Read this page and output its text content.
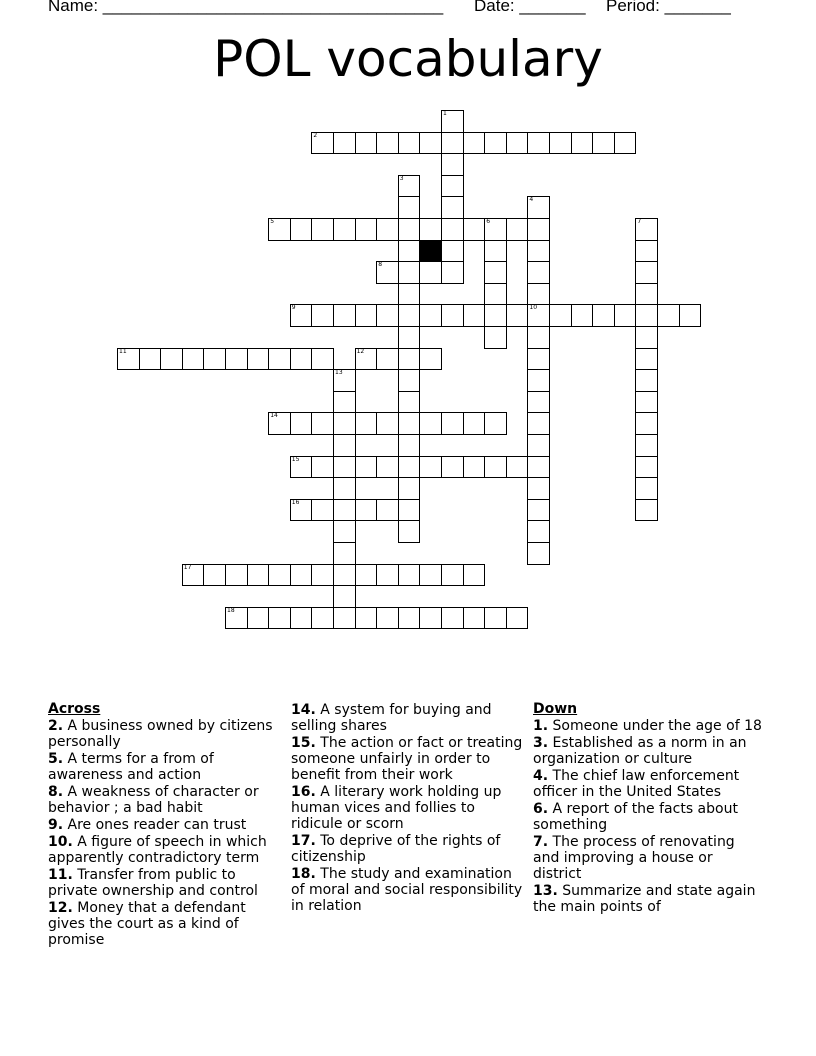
Name: ____________________________________

Date: _______

Period: _______

POL vocabulary
1
2
3
4
10
5	6	7
8
9
11	12
13
14
15
16
17
18
Across
2. A business owned by citizens personally
5. A terms for a from of awareness and action
8. A weakness of character or behavior ; a bad habit
9. Are ones reader can trust
10. A figure of speech in which apparently contradictory term
11. Transfer from public to private ownership and control
12. Money that a defendant gives the court as a kind of promise
14. A system for buying and selling shares
15. The action or fact or treating someone unfairly in order to benefit from their work
16. A literary work holding up human vices and follies to ridicule or scorn
17. To deprive of the rights of citizenship
18. The study and examination of moral and social responsibility in relation
Down
1. Someone under the age of 18
3. Established as a norm in an organization or culture
4. The chief law enforcement officer in the United States
6. A report of the facts about something
7. The process of renovating and improving a house or district
13. Summarize and state again the main points of
